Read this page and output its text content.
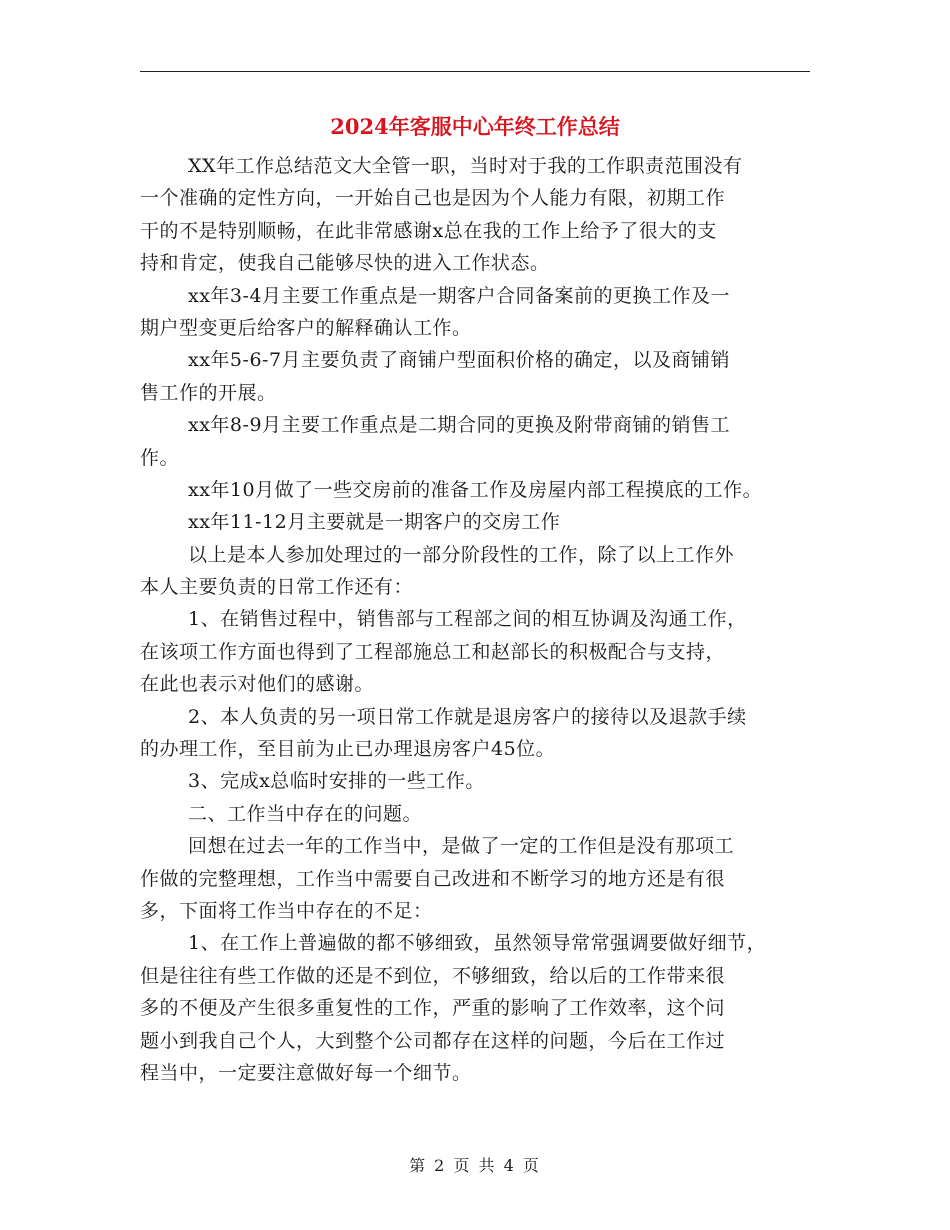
2024年客服中心年终工作总结
XX年工作总结范文大全管一职，当时对于我的工作职责范围没有
一个准确的定性方向，一开始自己也是因为个人能力有限，初期工作
干的不是特别顺畅，在此非常感谢x总在我的工作上给予了很大的支
持和肯定，使我自己能够尽快的进入工作状态。
xx年3-4月主要工作重点是一期客户合同备案前的更换工作及一
期户型变更后给客户的解释确认工作。
xx年5-6-7月主要负责了商铺户型面积价格的确定，以及商铺销
售工作的开展。
xx年8-9月主要工作重点是二期合同的更换及附带商铺的销售工
作。
xx年10月做了一些交房前的准备工作及房屋内部工程摸底的工作。
xx年11-12月主要就是一期客户的交房工作
以上是本人参加处理过的一部分阶段性的工作，除了以上工作外
本人主要负责的日常工作还有：
1、在销售过程中，销售部与工程部之间的相互协调及沟通工作，
在该项工作方面也得到了工程部施总工和赵部长的积极配合与支持，
在此也表示对他们的感谢。
2、本人负责的另一项日常工作就是退房客户的接待以及退款手续
的办理工作，至目前为止已办理退房客户45位。
3、完成x总临时安排的一些工作。
二、工作当中存在的问题。
回想在过去一年的工作当中，是做了一定的工作但是没有那项工
作做的完整理想，工作当中需要自己改进和不断学习的地方还是有很
多，下面将工作当中存在的不足：
1、在工作上普遍做的都不够细致，虽然领导常常强调要做好细节，
但是往往有些工作做的还是不到位，不够细致，给以后的工作带来很
多的不便及产生很多重复性的工作，严重的影响了工作效率，这个问
题小到我自己个人，大到整个公司都存在这样的问题，今后在工作过
程当中，一定要注意做好每一个细节。
第 2 页 共 4 页
